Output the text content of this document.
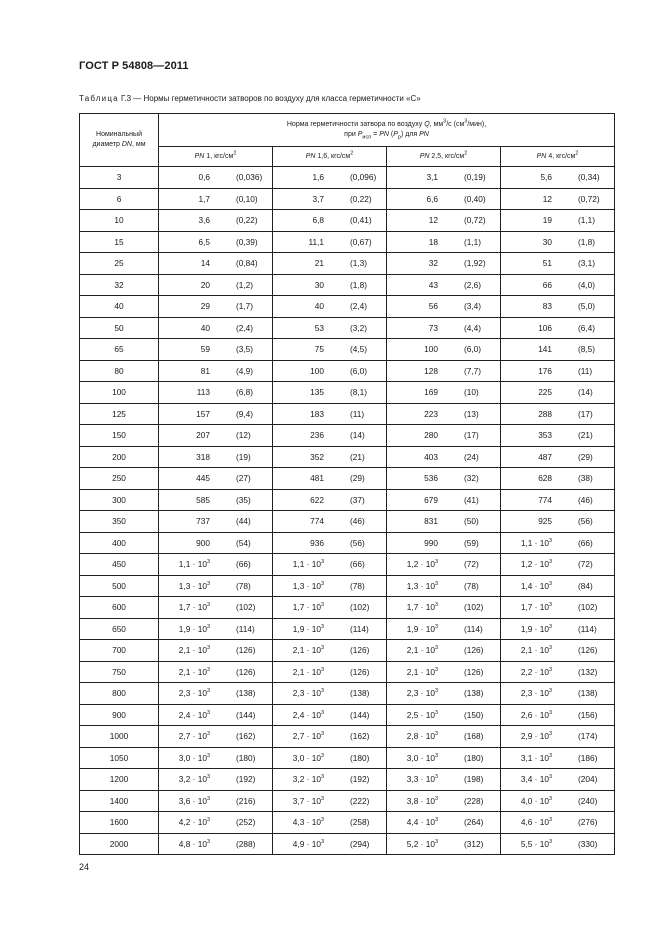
ГОСТ Р 54808—2011
Таблица Г.3 — Нормы герметичности затворов по воздуху для класса герметичности «С»
Номинальный
диаметр DN, мм	Норма герметичности затвора по воздуху Q, $мм^3/с$ $(см^3/мин)$,
при $P_{исп}$ = PN $(P_р)$ для PN			
	PN 1, кгс/$см^2$	PN 1,6, кгс/$см^2$	PN 2,5, кгс/$см^2$	PN 4, кгс/$см^2$
3	0,6 (0,036)	1,6 (0,096)	3,1 (0,19)	5,6 (0,34)

6	1,7 (0,10)	3,7 (0,22)	6,6 (0,40)	12 (0,72)

10	3,6 (0,22)	6,8 (0,41)	12 (0,72)	19 (1,1)

15	6,5 (0,39)	11,1 (0,67)	18 (1,1)	30 (1,8)

25	14 (0,84)	21 (1,3)	32 (1,92)	51 (3,1)

32	20 (1,2)	30 (1,8)	43 (2,6)	66 (4,0)

40	29 (1,7)	40 (2,4)	56 (3,4)	83 (5,0)

50	40 (2,4)	53 (3,2)	73 (4,4)	106 (6,4)

65	59 (3,5)	75 (4,5)	100 (6,0)	141 (8,5)

80	81 (4,9)	100 (6,0)	128 (7,7)	176 (11)

100	113 (6,8)	135 (8,1)	169 (10)	225 (14)

125	157 (9,4)	183 (11)	223 (13)	288 (17)

150	207 (12)	236 (14)	280 (17)	353 (21)

200	318 (19)	352 (21)	403 (24)	487 (29)

250	445 (27)	481 (29)	536 (32)	628 (38)

300	585 (35)	622 (37)	679 (41)	774 (46)

350	737 (44)	774 (46)	831 (50)	925 (56)

400	900 (54)	936 (56)	990 (59)	$1,1 \cdot 10^3$ (66)

450	$1,1 \cdot 10^3$ (66)	$1,1 \cdot 10^3$ (66)	$1,2 \cdot 10^3$ (72)	$1,2 \cdot 10^3$ (72)

500	$1,3 \cdot 10^3$ (78)	$1,3 \cdot 10^3$ (78)	$1,3 \cdot 10^3$ (78)	$1,4 \cdot 10^3$ (84)

600	$1,7 \cdot 10^3$ (102)	$1,7 \cdot 10^3$ (102)	$1,7 \cdot 10^3$ (102)	$1,7 \cdot 10^3$ (102)

650	$1,9 \cdot 10^3$ (114)	$1,9 \cdot 10^3$ (114)	$1,9 \cdot 10^3$ (114)	$1,9 \cdot 10^3$ (114)

700	$2,1 \cdot 10^3$ (126)	$2,1 \cdot 10^3$ (126)	$2,1 \cdot 10^3$ (126)	$2,1 \cdot 10^3$ (126)

750	$2,1 \cdot 10^3$ (126)	$2,1 \cdot 10^3$ (126)	$2,1 \cdot 10^3$ (126)	$2,2 \cdot 10^3$ (132)

800	$2,3 \cdot 10^3$ (138)	$2,3 \cdot 10^3$ (138)	$2,3 \cdot 10^3$ (138)	$2,3 \cdot 10^3$ (138)

900	$2,4 \cdot 10^3$ (144)	$2,4 \cdot 10^3$ (144)	$2,5 \cdot 10^3$ (150)	$2,6 \cdot 10^3$ (156)

1000	$2,7 \cdot 10^3$ (162)	$2,7 \cdot 10^3$ (162)	$2,8 \cdot 10^3$ (168)	$2,9 \cdot 10^3$ (174)

1050	$3,0 \cdot 10^3$ (180)	$3,0 \cdot 10^3$ (180)	$3,0 \cdot 10^3$ (180)	$3,1 \cdot 10^3$ (186)

1200	$3,2 \cdot 10^3$ (192)	$3,2 \cdot 10^3$ (192)	$3,3 \cdot 10^3$ (198)	$3,4 \cdot 10^3$ (204)

1400	$3,6 \cdot 10^3$ (216)	$3,7 \cdot 10^3$ (222)	$3,8 \cdot 10^3$ (228)	$4,0 \cdot 10^3$ (240)

1600	$4,2 \cdot 10^3$ (252)	$4,3 \cdot 10^3$ (258)	$4,4 \cdot 10^3$ (264)	$4,6 \cdot 10^3$ (276)

2000	$4,8 \cdot 10^3$ (288)	$4,9 \cdot 10^3$ (294)	$5,2 \cdot 10^3$ (312)	$5,5 \cdot 10^3$ (330)
24
